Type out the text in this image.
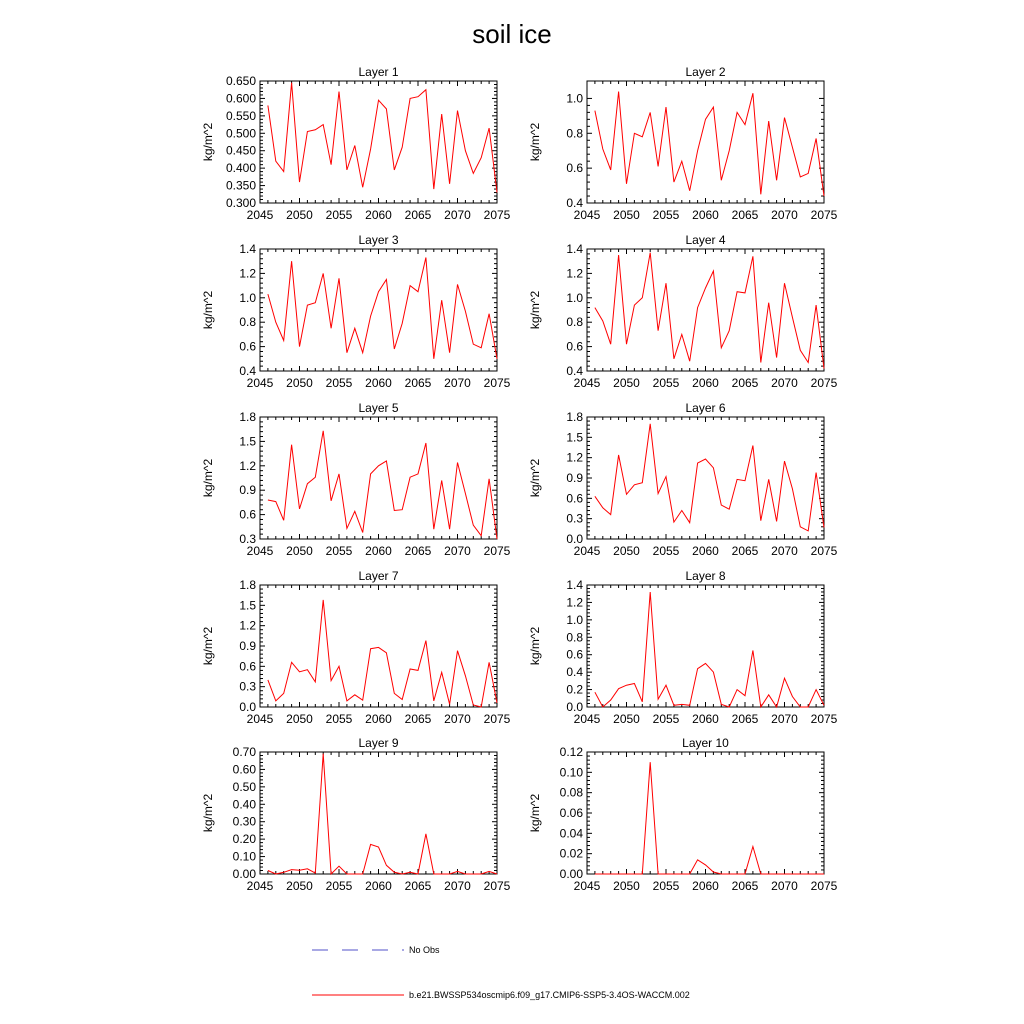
soil ice
Layer 1
2045 2050 2055 2060 2065 2070 2075
0.300
0.350
0.400
0.450
0.500
0.550
0.600
0.650
kg/m^2
Layer 2
2045 2050 2055 2060 2065 2070 2075
0.4
0.6
0.8
1.0
kg/m^2
Layer 3
2045 2050 2055 2060 2065 2070 2075
0.4
0.6
0.8
1.0
1.2
1.4
kg/m^2
Layer 4
2045 2050 2055 2060 2065 2070 2075
0.4
0.6
0.8
1.0
1.2
1.4
kg/m^2
Layer 5
2045 2050 2055 2060 2065 2070 2075
0.3
0.6
0.9
1.2
1.5
1.8
kg/m^2
Layer 6
2045 2050 2055 2060 2065 2070 2075
0.0
0.3
0.6
0.9
1.2
1.5
1.8
kg/m^2
Layer 7
2045 2050 2055 2060 2065 2070 2075
0.0
0.3
0.6
0.9
1.2
1.5
1.8
kg/m^2
Layer 8
2045 2050 2055 2060 2065 2070 2075
0.0
0.2
0.4
0.6
0.8
1.0
1.2
1.4
kg/m^2
Layer 9
2045 2050 2055 2060 2065 2070 2075
0.00
0.10
0.20
0.30
0.40
0.50
0.60
0.70
kg/m^2
Layer 10
2045 2050 2055 2060 2065 2070 2075
0.00
0.02
0.04
0.06
0.08
0.10
0.12
kg/m^2
No Obs
b.e21.BWSSP534oscmip6.f09_g17.CMIP6-SSP5-3.4OS-WACCM.002
